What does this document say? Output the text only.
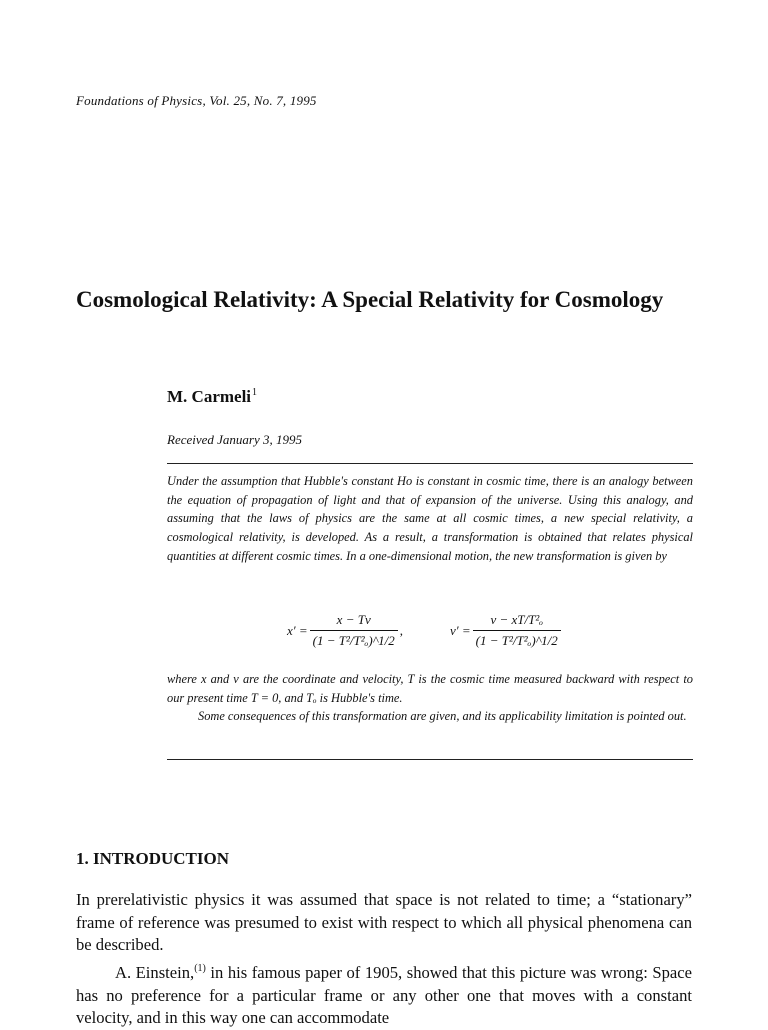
Foundations of Physics, Vol. 25, No. 7, 1995
Cosmological Relativity: A Special Relativity for Cosmology
M. Carmeli$^1$
Received January 3, 1995

Under the assumption that Hubble's constant Ho is constant in cosmic time, there is an analogy between the equation of propagation of light and that of expansion of the universe. Using this analogy, and assuming that the laws of physics are the same at all cosmic times, a new special relativity, a cosmological relativity, is developed. As a result, a transformation is obtained that relates physical quantities at different cosmic times. In a one-dimensional motion, the new transformation is given by

$x' = \frac{x - Tv}{\text{(1 − T²/T²ₒ)\textasciicircum{}1/2}}$ ,	$v' = \frac{\text{v − xT/T²ₒ}}{\text{(1 − T²/T²ₒ)\textasciicircum{}1/2}}$

where x and v are the coordinate and velocity, T is the cosmic time measured backward with respect to our present time T = 0, and Tₒ is Hubble's time.
Some consequences of this transformation are given, and its applicability limitation is pointed out.

1. INTRODUCTION

In prerelativistic physics it was assumed that space is not related to time; a “stationary” frame of reference was presumed to exist with respect to which all physical phenomena can be described.

A. Einstein,$^{(1)}$ in his famous paper of 1905, showed that this picture was wrong: Space has no preference for a particular frame or any other one that moves with a constant velocity, and in this way one can accommodate
